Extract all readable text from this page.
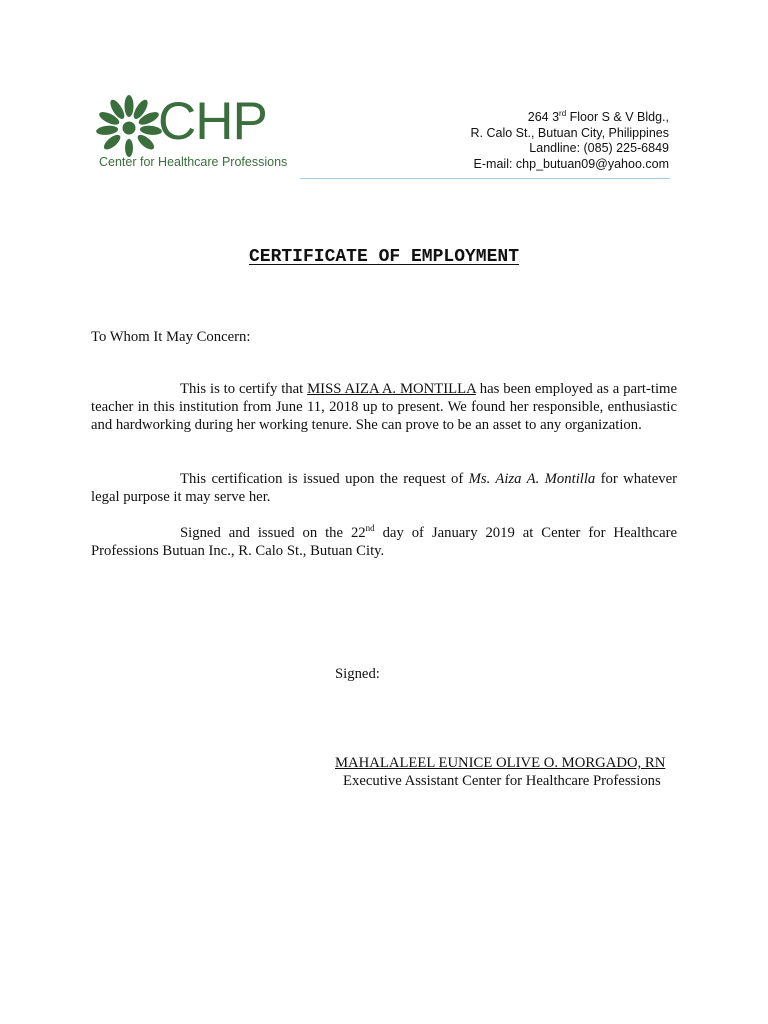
CHP
Center for Healthcare Professions
264 3rd Floor S & V Bldg.,
R. Calo St., Butuan City, Philippines
Landline: (085) 225-6849
E-mail: chp_butuan09@yahoo.com
CERTIFICATE OF EMPLOYMENT
To Whom It May Concern:
This is to certify that MISS AIZA A. MONTILLA has been employed as a part-time teacher in this institution from June 11, 2018 up to present. We found her responsible, enthusiastic and hardworking during her working tenure. She can prove to be an asset to any organization.
This certification is issued upon the request of Ms. Aiza A. Montilla for whatever legal purpose it may serve her.
Signed and issued on the 22nd day of January 2019 at Center for Healthcare Professions Butuan Inc., R. Calo St., Butuan City.
Signed:
MAHALALEEL EUNICE OLIVE O. MORGADO, RN
Executive Assistant Center for Healthcare Professions
